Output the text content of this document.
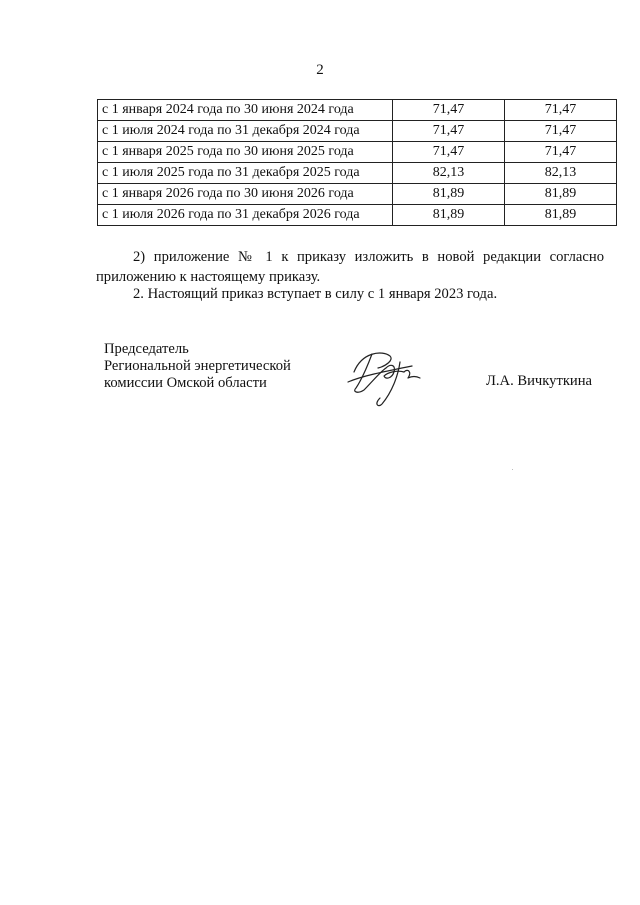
2
с 1 января 2024 года по 30 июня 2024 года	71,47	71,47
с 1 июля 2024 года по 31 декабря 2024 года	71,47	71,47
с 1 января 2025 года по 30 июня 2025 года	71,47	71,47
с 1 июля 2025 года по 31 декабря 2025 года	82,13	82,13
с 1 января 2026 года по 30 июня 2026 года	81,89	81,89
с 1 июля 2026 года по 31 декабря 2026 года	81,89	81,89
2) приложение № 1 к приказу изложить в новой редакции согласно приложению к настоящему приказу.
2. Настоящий приказ вступает в силу с 1 января 2023 года.
Председатель
Региональной энергетической
комиссии Омской области	Л.А. Вичкуткина
